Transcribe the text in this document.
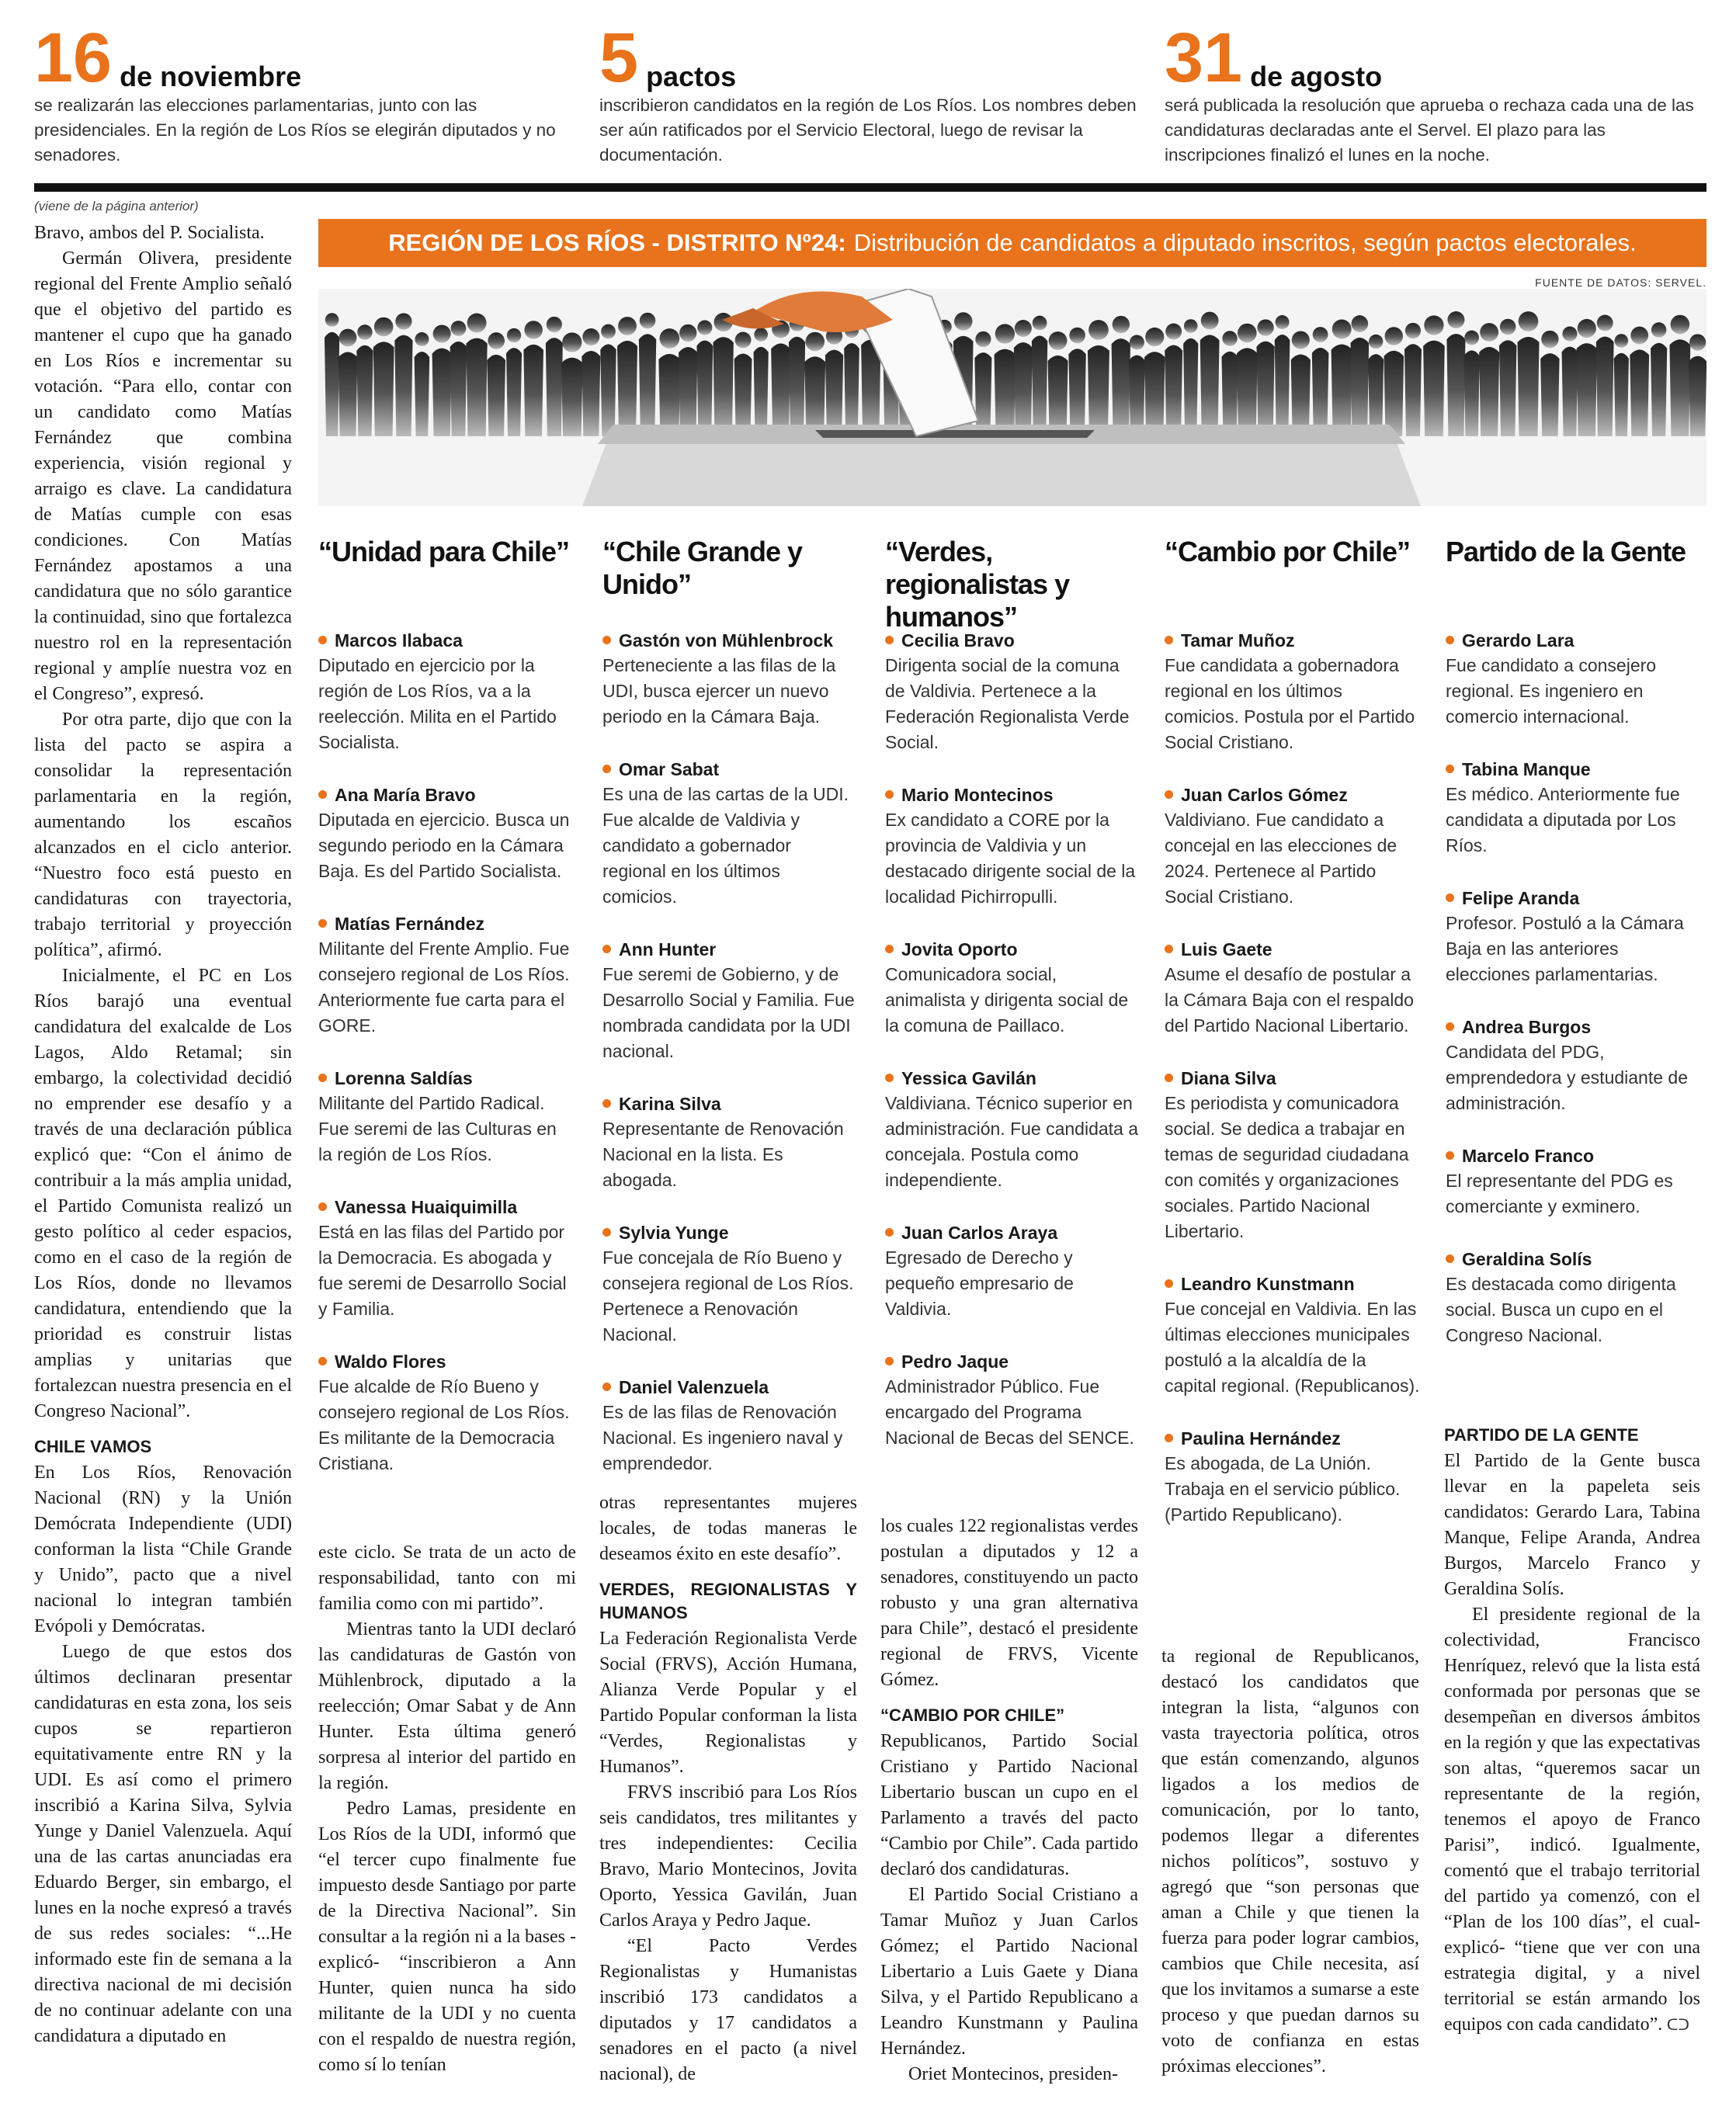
16 de noviembre
se realizarán las elecciones parlamentarias, junto con las presidenciales. En la región de Los Ríos se elegirán diputados y no senadores.
5 pactos
inscribieron candidatos en la región de Los Ríos. Los nombres deben ser aún ratificados por el Servicio Electoral, luego de revisar la documentación.
31 de agosto
será publicada la resolución que aprueba o rechaza cada una de las candidaturas declaradas ante el Servel. El plazo para las inscripciones finalizó el lunes en la noche.
(viene de la página anterior)
REGIÓN DE LOS RÍOS - DISTRITO Nº24: Distribución de candidatos a diputado inscritos, según pactos electorales.
FUENTE DE DATOS: SERVEL.
“Unidad para Chile”
Marcos Ilabaca
Diputado en ejercicio por la región de Los Ríos, va a la reelección. Milita en el Partido Socialista.
Ana María Bravo
Diputada en ejercicio. Busca un segundo periodo en la Cámara Baja. Es del Partido Socialista.
Matías Fernández
Militante del Frente Amplio. Fue consejero regional de Los Ríos. Anteriormente fue carta para el GORE.
Lorenna Saldías
Militante del Partido Radical. Fue seremi de las Culturas en la región de Los Ríos.
Vanessa Huaiquimilla
Está en las filas del Partido por la Democracia. Es abogada y fue seremi de Desarrollo Social y Familia.
Waldo Flores
Fue alcalde de Río Bueno y consejero regional de Los Ríos. Es militante de la Democracia Cristiana.
“Chile Grande y Unido”
Gastón von Mühlenbrock
Perteneciente a las filas de la UDI, busca ejercer un nuevo periodo en la Cámara Baja.
Omar Sabat
Es una de las cartas de la UDI. Fue alcalde de Valdivia y candidato a gobernador regional en los últimos comicios.
Ann Hunter
Fue seremi de Gobierno, y de Desarrollo Social y Familia. Fue nombrada candidata por la UDI nacional.
Karina Silva
Representante de Renovación Nacional en la lista. Es abogada.
Sylvia Yunge
Fue concejala de Río Bueno y consejera regional de Los Ríos. Pertenece a Renovación Nacional.
Daniel Valenzuela
Es de las filas de Renovación Nacional. Es ingeniero naval y emprendedor.
“Verdes, regionalistas y humanos”
Cecilia Bravo
Dirigenta social de la comuna de Valdivia. Pertenece a la Federación Regionalista Verde Social.
Mario Montecinos
Ex candidato a CORE por la provincia de Valdivia y un destacado dirigente social de la localidad Pichirropulli.
Jovita Oporto
Comunicadora social, animalista y dirigenta social de la comuna de Paillaco.
Yessica Gavilán
Valdiviana. Técnico superior en administración. Fue candidata a concejala. Postula como independiente.
Juan Carlos Araya
Egresado de Derecho y pequeño empresario de Valdivia.
Pedro Jaque
Administrador Público. Fue encargado del Programa Nacional de Becas del SENCE.
“Cambio por Chile”
Tamar Muñoz
Fue candidata a gobernadora regional en los últimos comicios. Postula por el Partido Social Cristiano.
Juan Carlos Gómez
Valdiviano. Fue candidato a concejal en las elecciones de 2024. Pertenece al Partido Social Cristiano.
Luis Gaete
Asume el desafío de postular a la Cámara Baja con el respaldo del Partido Nacional Libertario.
Diana Silva
Es periodista y comunicadora social. Se dedica a trabajar en temas de seguridad ciudadana con comités y organizaciones sociales. Partido Nacional Libertario.
Leandro Kunstmann
Fue concejal en Valdivia. En las últimas elecciones municipales postuló a la alcaldía de la capital regional. (Republicanos).
Paulina Hernández
Es abogada, de La Unión. Trabaja en el servicio público. (Partido Republicano).
Partido de la Gente
Gerardo Lara
Fue candidato a consejero regional. Es ingeniero en comercio internacional.
Tabina Manque
Es médico. Anteriormente fue candidata a diputada por Los Ríos.
Felipe Aranda
Profesor. Postuló a la Cámara Baja en las anteriores elecciones parlamentarias.
Andrea Burgos
Candidata del PDG, emprendedora y estudiante de administración.
Marcelo Franco
El representante del PDG es comerciante y exminero.
Geraldina Solís
Es destacada como dirigenta social. Busca un cupo en el Congreso Nacional.

Bravo, ambos del P. Socialista.

Germán Olivera, presidente regional del Frente Amplio señaló que el objetivo del partido es mantener el cupo que ha ganado en Los Ríos e incrementar su votación. “Para ello, contar con un candidato como Matías Fernández que combina experiencia, visión regional y arraigo es clave. La candidatura de Matías cumple con esas condiciones. Con Matías Fernández apostamos a una candidatura que no sólo garantice la continuidad, sino que fortalezca nuestro rol en la representación regional y amplíe nuestra voz en el Congreso”, expresó.

Por otra parte, dijo que con la lista del pacto se aspira a consolidar la representación parlamentaria en la región, aumentando los escaños alcanzados en el ciclo anterior. “Nuestro foco está puesto en candidaturas con trayectoria, trabajo territorial y proyección política”, afirmó.

Inicialmente, el PC en Los Ríos barajó una eventual candidatura del exalcalde de Los Lagos, Aldo Retamal; sin embargo, la colectividad decidió no emprender ese desafío y a través de una declaración pública explicó que: “Con el ánimo de contribuir a la más amplia unidad, el Partido Comunista realizó un gesto político al ceder espacios, como en el caso de la región de Los Ríos, donde no llevamos candidatura, entendiendo que la prioridad es construir listas amplias y unitarias que fortalezcan nuestra presencia en el Congreso Nacional”.

CHILE VAMOS

En Los Ríos, Renovación Nacional (RN) y la Unión Demócrata Independiente (UDI) conforman la lista “Chile Grande y Unido”, pacto que a nivel nacional lo integran también Evópoli y Demócratas.

Luego de que estos dos últimos declinaran presentar candidaturas en esta zona, los seis cupos se repartieron equitativamente entre RN y la UDI. Es así como el primero inscribió a Karina Silva, Sylvia Yunge y Daniel Valenzuela. Aquí una de las cartas anunciadas era Eduardo Berger, sin embargo, el lunes en la noche expresó a través de sus redes sociales: “...He informado este fin de semana a la directiva nacional de mi decisión de no continuar adelante con una candidatura a diputado en

este ciclo. Se trata de un acto de responsabilidad, tanto con mi familia como con mi partido”.

Mientras tanto la UDI declaró las candidaturas de Gastón von Mühlenbrock, diputado a la reelección; Omar Sabat y de Ann Hunter. Esta última generó sorpresa al interior del partido en la región.

Pedro Lamas, presidente en Los Ríos de la UDI, informó que “el tercer cupo finalmente fue impuesto desde Santiago por parte de la Directiva Nacional”. Sin consultar a la región ni a la bases -explicó- “inscribieron a Ann Hunter, quien nunca ha sido militante de la UDI y no cuenta con el respaldo de nuestra región, como sí lo tenían

otras representantes mujeres locales, de todas maneras le deseamos éxito en este desafío”.

VERDES, REGIONALISTAS Y HUMANOS

La Federación Regionalista Verde Social (FRVS), Acción Humana, Alianza Verde Popular y el Partido Popular conforman la lista “Verdes, Regionalistas y Humanos”.

FRVS inscribió para Los Ríos seis candidatos, tres militantes y tres independientes: Cecilia Bravo, Mario Montecinos, Jovita Oporto, Yessica Gavilán, Juan Carlos Araya y Pedro Jaque.

“El Pacto Verdes Regionalistas y Humanistas inscribió 173 candidatos a diputados y 17 candidatos a senadores en el pacto (a nivel nacional), de

los cuales 122 regionalistas verdes postulan a diputados y 12 a senadores, constituyendo un pacto robusto y una gran alternativa para Chile”, destacó el presidente regional de FRVS, Vicente Gómez.

“CAMBIO POR CHILE”

Republicanos, Partido Social Cristiano y Partido Nacional Libertario buscan un cupo en el Parlamento a través del pacto “Cambio por Chile”. Cada partido declaró dos candidaturas.

El Partido Social Cristiano a Tamar Muñoz y Juan Carlos Gómez; el Partido Nacional Libertario a Luis Gaete y Diana Silva, y el Partido Republicano a Leandro Kunstmann y Paulina Hernández.

Oriet Montecinos, presiden-

ta regional de Republicanos, destacó los candidatos que integran la lista, “algunos con vasta trayectoria política, otros que están comenzando, algunos ligados a los medios de comunicación, por lo tanto, podemos llegar a diferentes nichos políticos”, sostuvo y agregó que “son personas que aman a Chile y que tienen la fuerza para poder lograr cambios, cambios que Chile necesita, así que los invitamos a sumarse a este proceso y que puedan darnos su voto de confianza en estas próximas elecciones”.

PARTIDO DE LA GENTE

El Partido de la Gente busca llevar en la papeleta seis candidatos: Gerardo Lara, Tabina Manque, Felipe Aranda, Andrea Burgos, Marcelo Franco y Geraldina Solís.

El presidente regional de la colectividad, Francisco Henríquez, relevó que la lista está conformada por personas que se desempeñan en diversos ámbitos en la región y que las expectativas son altas, “queremos sacar un representante de la región, tenemos el apoyo de Franco Parisi”, indicó. Igualmente, comentó que el trabajo territorial del partido ya comenzó, con el “Plan de los 100 días”, el cual-explicó- “tiene que ver con una estrategia digital, y a nivel territorial se están armando los equipos con cada candidato”. ᑕᑐ
